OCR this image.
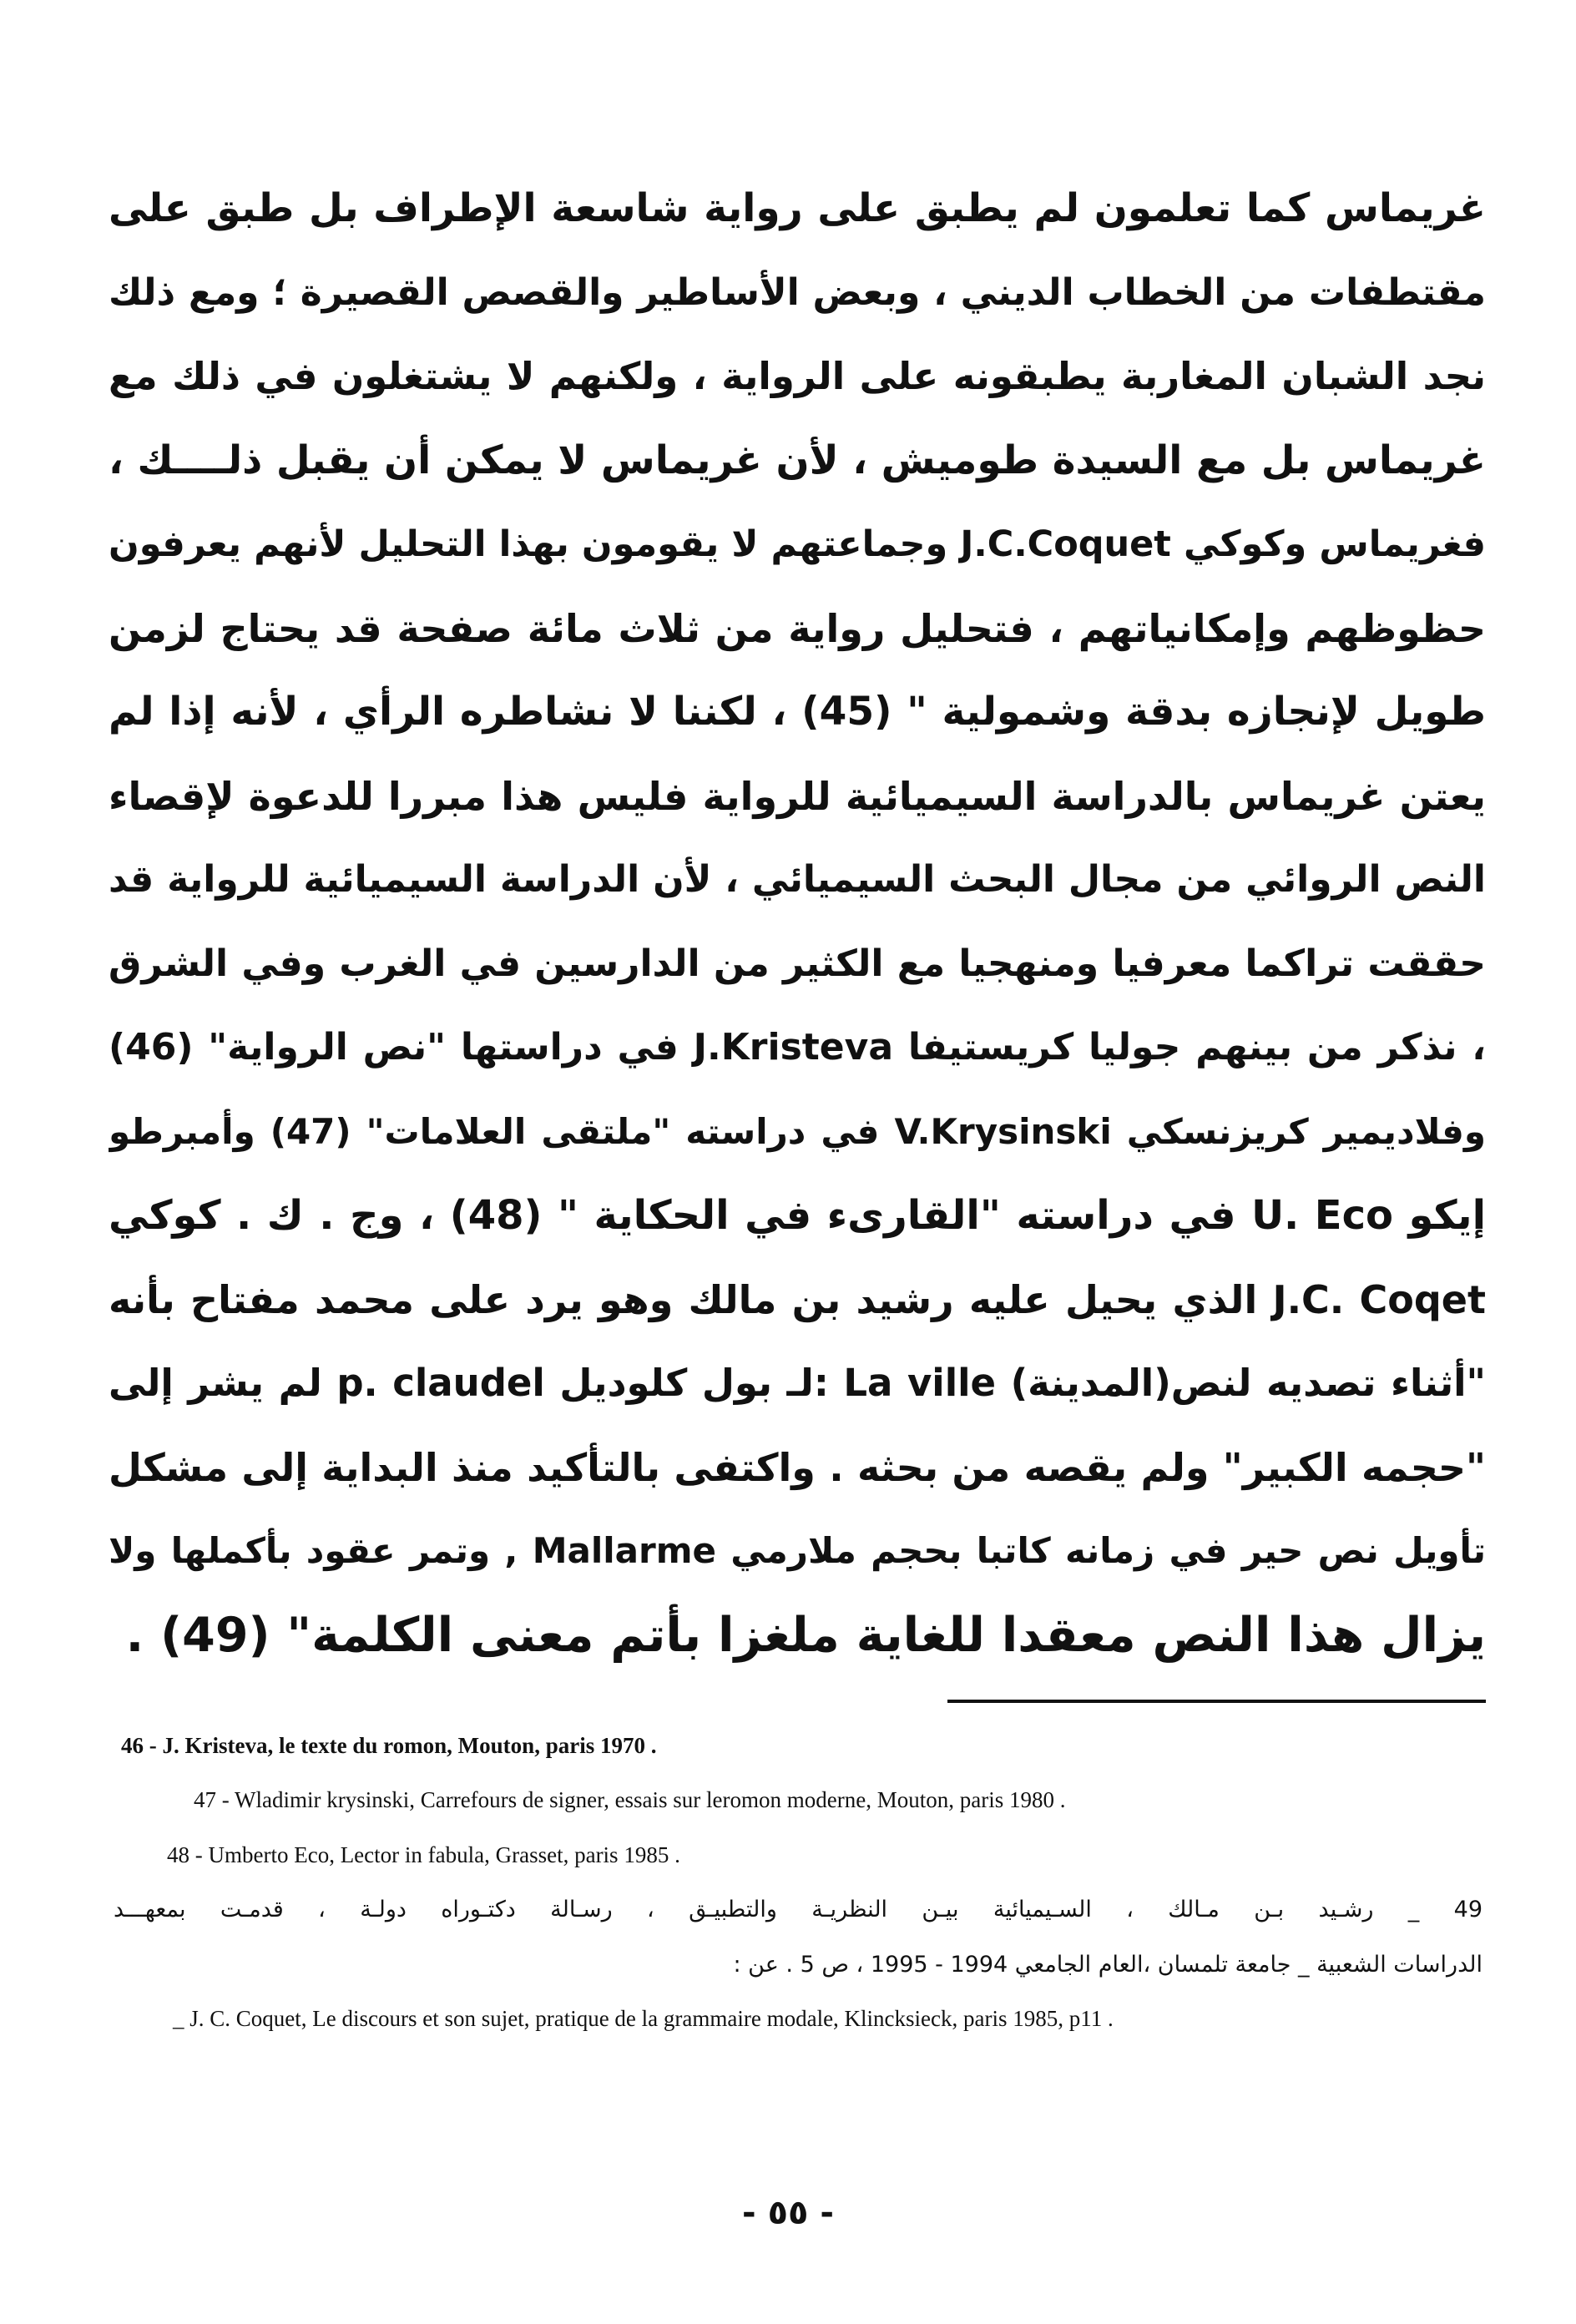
غريماس كما تعلمون لم يطبق على رواية شاسعة الإطراف بل طبق على
مقتطفات من الخطاب الديني ، وبعض الأساطير والقصص القصيرة ؛ ومع ذلك
نجد الشبان المغاربة يطبقونه على الرواية ، ولكنهم لا يشتغلون في ذلك مع
غريماس بل مع السيدة طوميش ، لأن غريماس لا يمكن أن يقبل ذلــــك ،
فغريماس وكوكي J.C.Coquet وجماعتهم لا يقومون بهذا التحليل لأنهم يعرفون
حظوظهم وإمكانياتهم ، فتحليل رواية من ثلاث مائة صفحة قد يحتاج لزمن
طويل لإنجازه بدقة وشمولية " (45) ، لكننا لا نشاطره الرأي ، لأنه إذا لم
يعتن غريماس بالدراسة السيميائية للرواية فليس هذا مبررا للدعوة لإقصاء
النص الروائي من مجال البحث السيميائي ، لأن الدراسة السيميائية للرواية قد
حققت تراكما معرفيا ومنهجيا مع الكثير من الدارسين في الغرب وفي الشرق
، نذكر من بينهم جوليا كريستيفا J.Kristeva في دراستها "نص الرواية" (46)
وفلاديمير كريزنسكي V.Krysinski في دراسته "ملتقى العلامات" (47) وأمبرطو
إيكو U. Eco في دراسته "القارىء في الحكاية " (48) ، وج . ك . كوكي
J.C. Coqet الذي يحيل عليه رشيد بن مالك وهو يرد على محمد مفتاح بأنه
"أثناء تصديه لنص(المدينة) La ville :لـ بول كلوديل p. claudel لم يشر إلى
"حجمه الكبير" ولم يقصه من بحثه . واكتفى بالتأكيد منذ البداية إلى مشكل
تأويل نص حير في زمانه كاتبا بحجم ملارمي Mallarme , وتمر عقود بأكملها ولا
يزال هذا النص معقدا للغاية ملغزا بأتم معنى الكلمة" (49) .
46 - J. Kristeva, le texte du romon, Mouton, paris 1970 .
47 - Wladimir krysinski, Carrefours de signer, essais sur leromon moderne, Mouton, paris 1980 .
48 - Umberto Eco, Lector in fabula, Grasset, paris 1985 .
49 _ رشـيد بـن مـالك ، السـيميائية بيـن النظريـة والتطبيـق ، رسـالة دكتـوراه دولـة ، قدمـت بمعهـــد
الدراسات الشعبية _ جامعة تلمسان ،العام الجامعي 1994 - 1995 ، ص 5 . عن :
_ J. C. Coquet, Le discours et son sujet, pratique de la grammaire modale, Klincksieck, paris 1985, p11 .
- ٥٥ -
